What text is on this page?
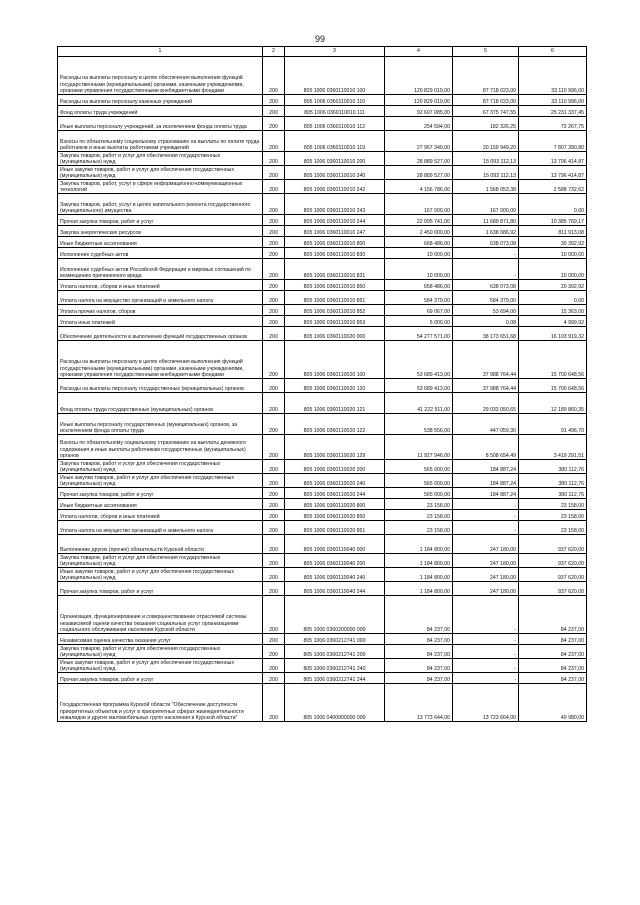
99
1	2	3	4	5	6
Расходы на выплаты персоналу в целях обеспечения выполнения функций государственными (муниципальными) органами, казенными учреждениями, органами управления государственными внебюджетными фондами	200	805 1006 0360110010 100	120 829 019,00	87 718 023,00	33 110 996,00
Расходы на выплаты персоналу казенных учреждений	200	805 1006 0360110010 110	120 829 019,00	87 718 023,00	33 110 996,00
Фонд оплаты труда учреждений	200	805 1006 0360110010 111	92 607 085,00	67 375 747,55	25 231 337,45
Иные выплаты персоналу учреждений, за исключением фонда оплаты труда	200	805 1006 0360110010 112	254 594,00	182 326,25	72 267,75
Взносы по обязательному социальному страхованию на выплаты по оплате труда работников и иные выплаты работникам учреждений	200	805 1006 0360110010 119	27 967 340,00	20 159 949,20	7 807 390,80
Закупка товаров, работ и услуг для обеспечения государственных (муниципальных) нужд	200	805 1006 0360110010 200	28 889 527,00	15 093 112,13	13 796 414,87
Иные закупки товаров, работ и услуг для обеспечения государственных (муниципальных) нужд	200	805 1006 0360110010 240	28 889 527,00	15 093 112,13	13 796 414,87
Закупка товаров, работ, услуг в сфере информационно-коммуникационных технологий	200	805 1006 0360110010 242	4 156 786,00	1 568 053,38	2 588 732,62
Закупка товаров, работ, услуг в целях капитального ремонта государственного (муниципального) имущества	200	805 1006 0360110010 243	167 000,00	167 000,00	0,00
Прочая закупка товаров, работ и услуг	200	805 1006 0360110010 244	22 095 741,00	11 689 871,80	10 385 769,17
Закупка энергетических ресурсов	200	805 1006 0360110010 247	2 450 000,00	1 638 086,92	811 913,08
Иные бюджетные ассигнования	200	805 1006 0360110010 800	668 486,00	638 073,08	30 392,92
Исполнение судебных актов	200	805 1006 0360110010 830	10 000,00	-	10 000,00
Исполнение судебных актов Российской Федерации и мировых соглашений по возмещению причиненного вреда	200	805 1006 0360110010 831	10 000,00	-	10 000,00
Уплата налогов, сборов и иных платежей	200	805 1006 0360110010 850	658 486,00	638 073,08	20 392,92
Уплата налога на имущество организаций и земельного налога	200	805 1006 0360110010 851	584 379,00	584 379,00	0,00
Уплата прочих налогов, сборов	200	805 1006 0360110010 852	69 067,00	53 694,00	15 363,00
Уплата иных платежей	200	805 1006 0360110010 853	5 000,00	0,08	4 999,92
Обеспечение деятельности и выполнение функций государственных органов	200	805 1006 0360110020 000	54 277 571,00	38 173 651,68	16 103 919,32
Расходы на выплаты персоналу в целях обеспечения выполнения функций государственными (муниципальными) органами, казенными учреждениями, органами управления государственными внебюджетными фондами	200	805 1006 0360110020 100	53 689 413,00	37 988 764,44	15 700 648,56
Расходы на выплаты персоналу государственных (муниципальных) органов	200	805 1006 0360110020 120	53 689 413,00	37 988 764,44	15 700 648,56
Фонд оплаты труда государственных (муниципальных) органов	200	805 1006 0360110020 121	41 222 911,00	29 033 050,65	12 189 860,35
Иные выплаты персоналу государственных (муниципальных) органов, за исключением фонда оплаты труда	200	805 1006 0360110020 122	538 556,00	447 059,30	91 496,70
Взносы по обязательному социальному страхованию на выплаты денежного содержания и иные выплаты работникам государственных (муниципальных) органов	200	805 1006 0360110020 129	11 927 946,00	8 508 654,49	3 419 291,51
Закупка товаров, работ и услуг для обеспечения государственных (муниципальных) нужд	200	805 1006 0360110020 200	565 000,00	184 887,24	380 112,76
Иные закупки товаров, работ и услуг для обеспечения государственных (муниципальных) нужд	200	805 1006 0360110020 240	565 000,00	184 887,24	380 112,76
Прочая закупка товаров, работ и услуг	200	805 1006 0360110020 244	565 000,00	184 887,24	380 112,76
Иные бюджетные ассигнования	200	805 1006 0360110020 800	23 158,00	-	23 158,00
Уплата налогов, сборов и иных платежей	200	805 1006 0360110020 850	23 158,00	-	23 158,00
Уплата налога на имущество организаций и земельного налога	200	805 1006 0360110020 851	23 158,00	-	23 158,00
Выполнение других (прочих) обязательств Курской области	200	805 1006 0360110040 000	1 184 800,00	247 180,00	937 620,00
Закупка товаров, работ и услуг для обеспечения государственных (муниципальных) нужд	200	805 1006 0360110040 200	1 184 800,00	247 180,00	937 620,00
Иные закупки товаров, работ и услуг для обеспечения государственных (муниципальных) нужд	200	805 1006 0360110040 240	1 184 800,00	247 180,00	937 620,00
Прочая закупка товаров, работ и услуг	200	805 1006 0360110040 244	1 184 800,00	247 180,00	937 620,00
Организация, функционирование и совершенствование отраслевой системы независимой оценки качества оказания социальных услуг организациями социального обслуживания населения Курской области	200	805 1006 0360200000 000	84 237,00	-	84 237,00
Независимая оценка качества оказания услуг	200	805 1006 0360212741 000	84 237,00	-	84 237,00
Закупка товаров, работ и услуг для обеспечения государственных (муниципальных) нужд	200	805 1006 0360212741 200	84 237,00	-	84 237,00
Иные закупки товаров, работ и услуг для обеспечения государственных (муниципальных) нужд	200	805 1006 0360212741 240	84 237,00	-	84 237,00
Прочая закупка товаров, работ и услуг	200	805 1006 0360212741 244	84 237,00	-	84 237,00
Государственная программа Курской области "Обеспечение доступности приоритетных объектов и услуг в приоритетных сферах жизнедеятельности инвалидов и других маломобильных групп населения в Курской области"	200	805 1006 0400000000 000	13 773 644,00	13 723 664,00	49 980,00
